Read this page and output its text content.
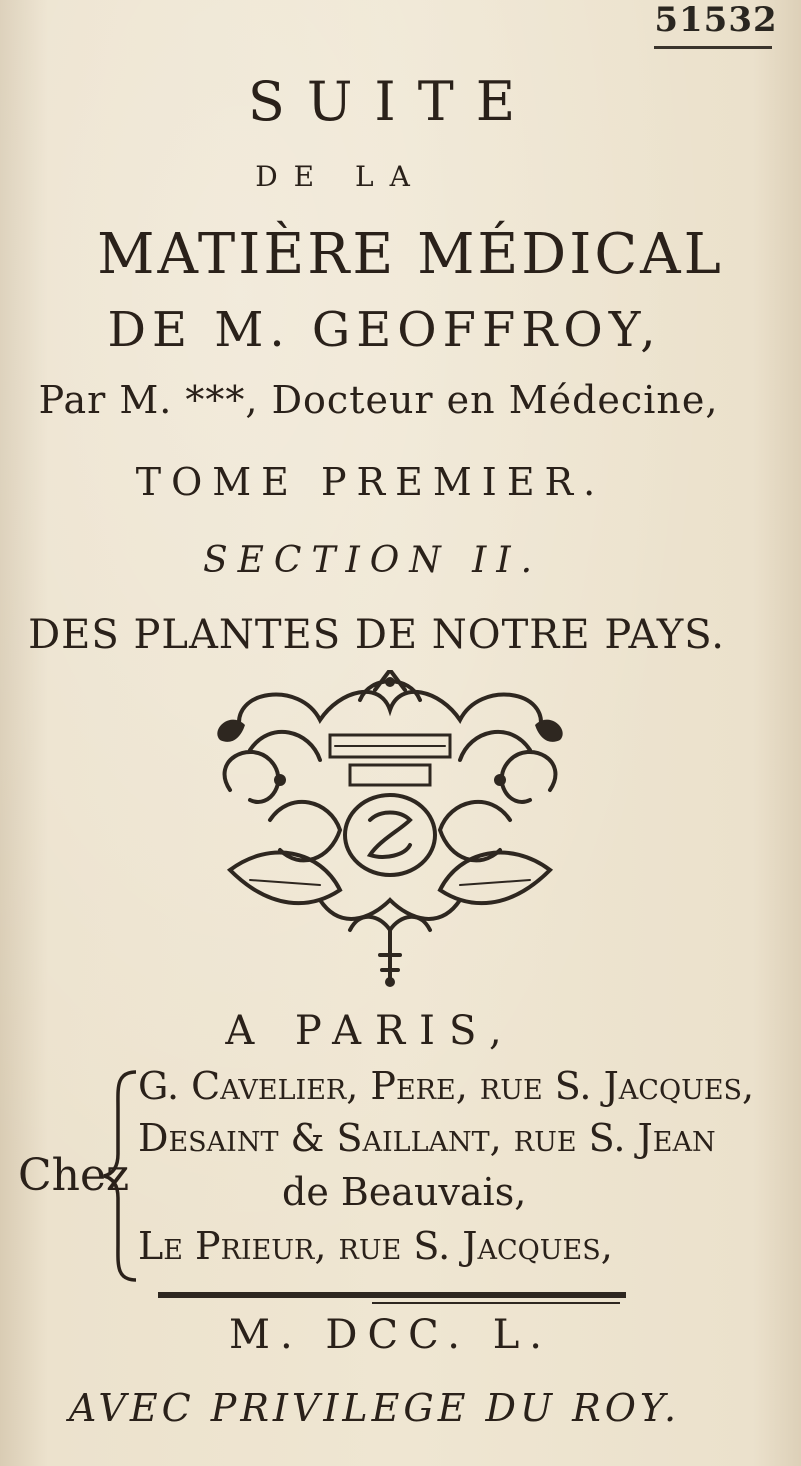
51532
SUITE
DE LA
MATIÈRE MÉDICAL
DE M. GEOFFROY,
Par M. ***, Docteur en Médecine,
TOME PREMIER.
SECTION II.
DES PLANTES DE NOTRE PAYS.
A PARIS,
Chez
G. Cavelier, Pere, rue S. Jacques,
Desaint & Saillant, rue S. Jean
de Beauvais,
Le Prieur, rue S. Jacques,
M. DCC. L.
AVEC PRIVILEGE DU ROY.
